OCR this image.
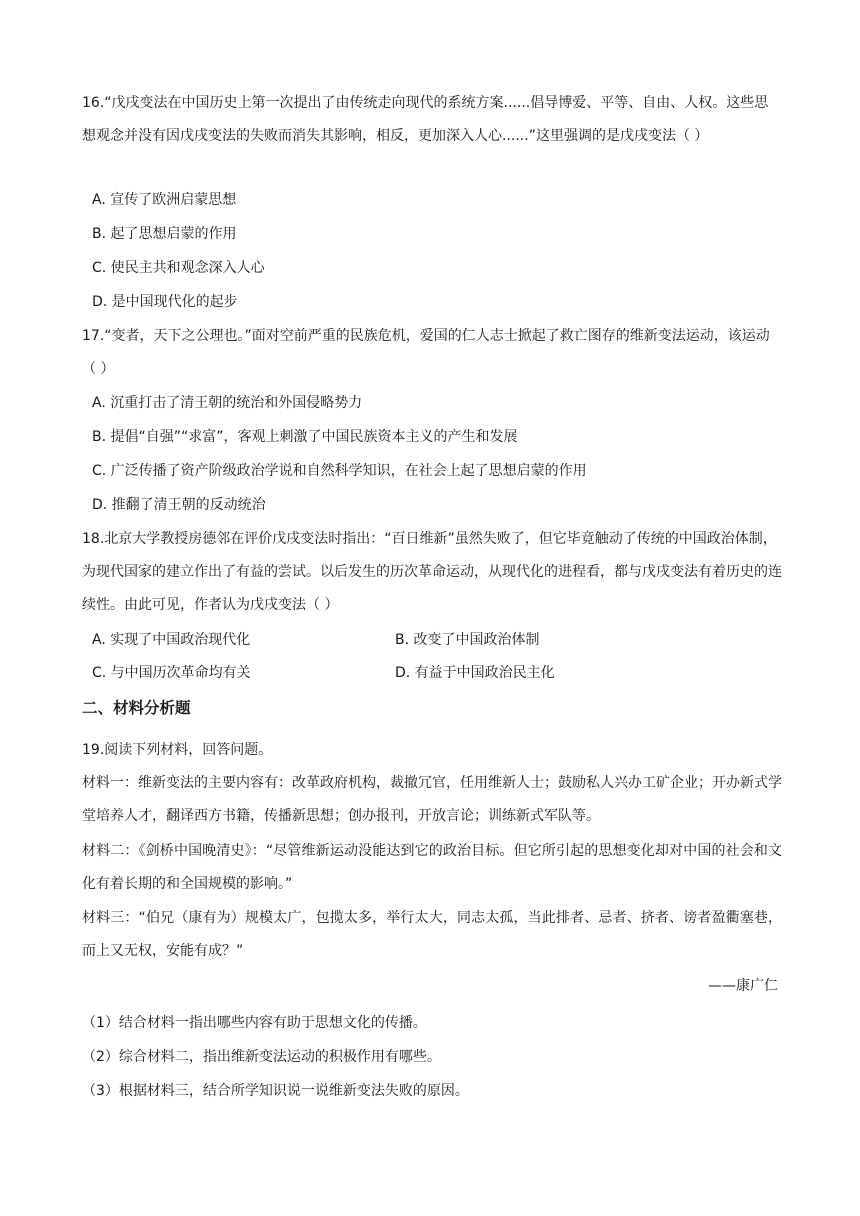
16.“戊戌变法在中国历史上第一次提出了由传统走向现代的系统方案......倡导博爱、平等、自由、人权。这些思想观念并没有因戊戌变法的失败而消失其影响，相反，更加深入人心......”这里强调的是戊戌变法（ ）
A. 宣传了欧洲启蒙思想
B. 起了思想启蒙的作用
C. 使民主共和观念深入人心
D. 是中国现代化的起步
17.“变者，天下之公理也。”面对空前严重的民族危机，爱国的仁人志士掀起了救亡图存的维新变法运动，该运动（ ）
A. 沉重打击了清王朝的统治和外国侵略势力
B. 提倡“自强”“求富”，客观上刺激了中国民族资本主义的产生和发展
C. 广泛传播了资产阶级政治学说和自然科学知识，在社会上起了思想启蒙的作用
D. 推翻了清王朝的反动统治
18.北京大学教授房德邻在评价戊戌变法时指出：“百日维新”虽然失败了，但它毕竟触动了传统的中国政治体制，为现代国家的建立作出了有益的尝试。以后发生的历次革命运动，从现代化的进程看，都与戊戌变法有着历史的连续性。由此可见，作者认为戊戌变法（ ）
A. 实现了中国政治现代化	B. 改变了中国政治体制
C. 与中国历次革命均有关	D. 有益于中国政治民主化
二、材料分析题
19.阅读下列材料，回答问题。
材料一：维新变法的主要内容有：改革政府机构，裁撤冗官，任用维新人士；鼓励私人兴办工矿企业；开办新式学堂培养人才，翻译西方书籍，传播新思想；创办报刊，开放言论；训练新式军队等。
材料二：《剑桥中国晚清史》：“尽管维新运动没能达到它的政治目标。但它所引起的思想变化却对中国的社会和文化有着长期的和全国规模的影响。”
材料三：“伯兄（康有为）规模太广，包揽太多，举行太大，同志太孤，当此排者、忌者、挤者、谤者盈衢塞巷，而上又无权，安能有成？”
——康广仁
（1）结合材料一指出哪些内容有助于思想文化的传播。
（2）综合材料二，指出维新变法运动的积极作用有哪些。
（3）根据材料三，结合所学知识说一说维新变法失败的原因。
